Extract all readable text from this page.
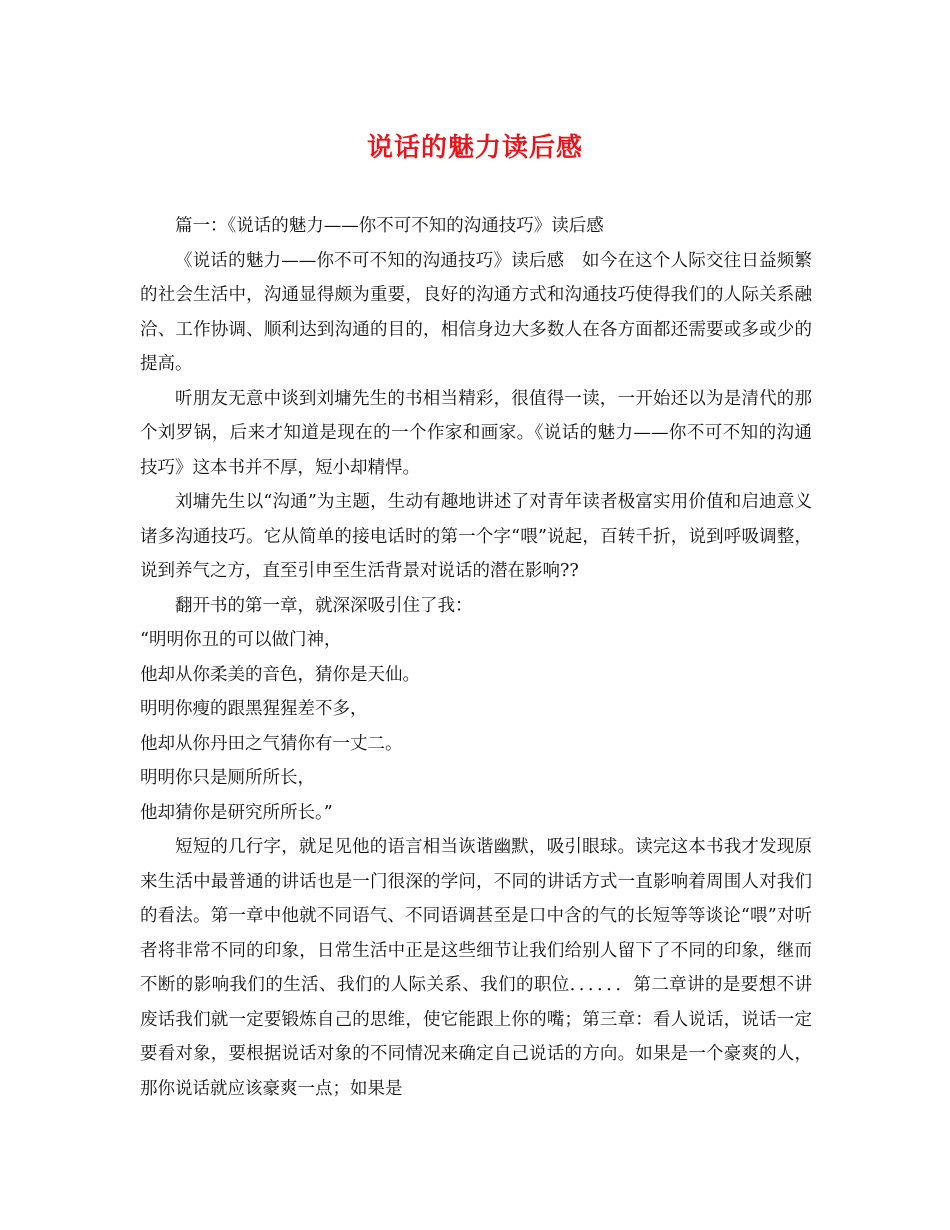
说话的魅力读后感

篇一：《说话的魅力——你不可不知的沟通技巧》读后感

《说话的魅力——你不可不知的沟通技巧》读后感　如今在这个人际交往日益频繁的社会生活中，沟通显得颇为重要，良好的沟通方式和沟通技巧使得我们的人际关系融洽、工作协调、顺利达到沟通的目的，相信身边大多数人在各方面都还需要或多或少的提高。

听朋友无意中谈到刘墉先生的书相当精彩，很值得一读，一开始还以为是清代的那个刘罗锅，后来才知道是现在的一个作家和画家。《说话的魅力——你不可不知的沟通技巧》这本书并不厚，短小却精悍。

刘墉先生以“沟通”为主题，生动有趣地讲述了对青年读者极富实用价值和启迪意义诸多沟通技巧。它从简单的接电话时的第一个字“喂”说起，百转千折，说到呼吸调整，说到养气之方，直至引申至生活背景对说话的潜在影响??

翻开书的第一章，就深深吸引住了我：

“明明你丑的可以做门神，

他却从你柔美的音色，猜你是天仙。

明明你瘦的跟黑猩猩差不多，

他却从你丹田之气猜你有一丈二。

明明你只是厕所所长，

他却猜你是研究所所长。”

短短的几行字，就足见他的语言相当诙谐幽默，吸引眼球。读完这本书我才发现原来生活中最普通的讲话也是一门很深的学问，不同的讲话方式一直影响着周围人对我们的看法。第一章中他就不同语气、不同语调甚至是口中含的气的长短等等谈论“喂”对听者将非常不同的印象，日常生活中正是这些细节让我们给别人留下了不同的印象，继而不断的影响我们的生活、我们的人际关系、我们的职位．．．．．．第二章讲的是要想不讲废话我们就一定要锻炼自己的思维，使它能跟上你的嘴；第三章：看人说话，说话一定要看对象，要根据说话对象的不同情况来确定自己说话的方向。如果是一个豪爽的人，那你说话就应该豪爽一点；如果是
